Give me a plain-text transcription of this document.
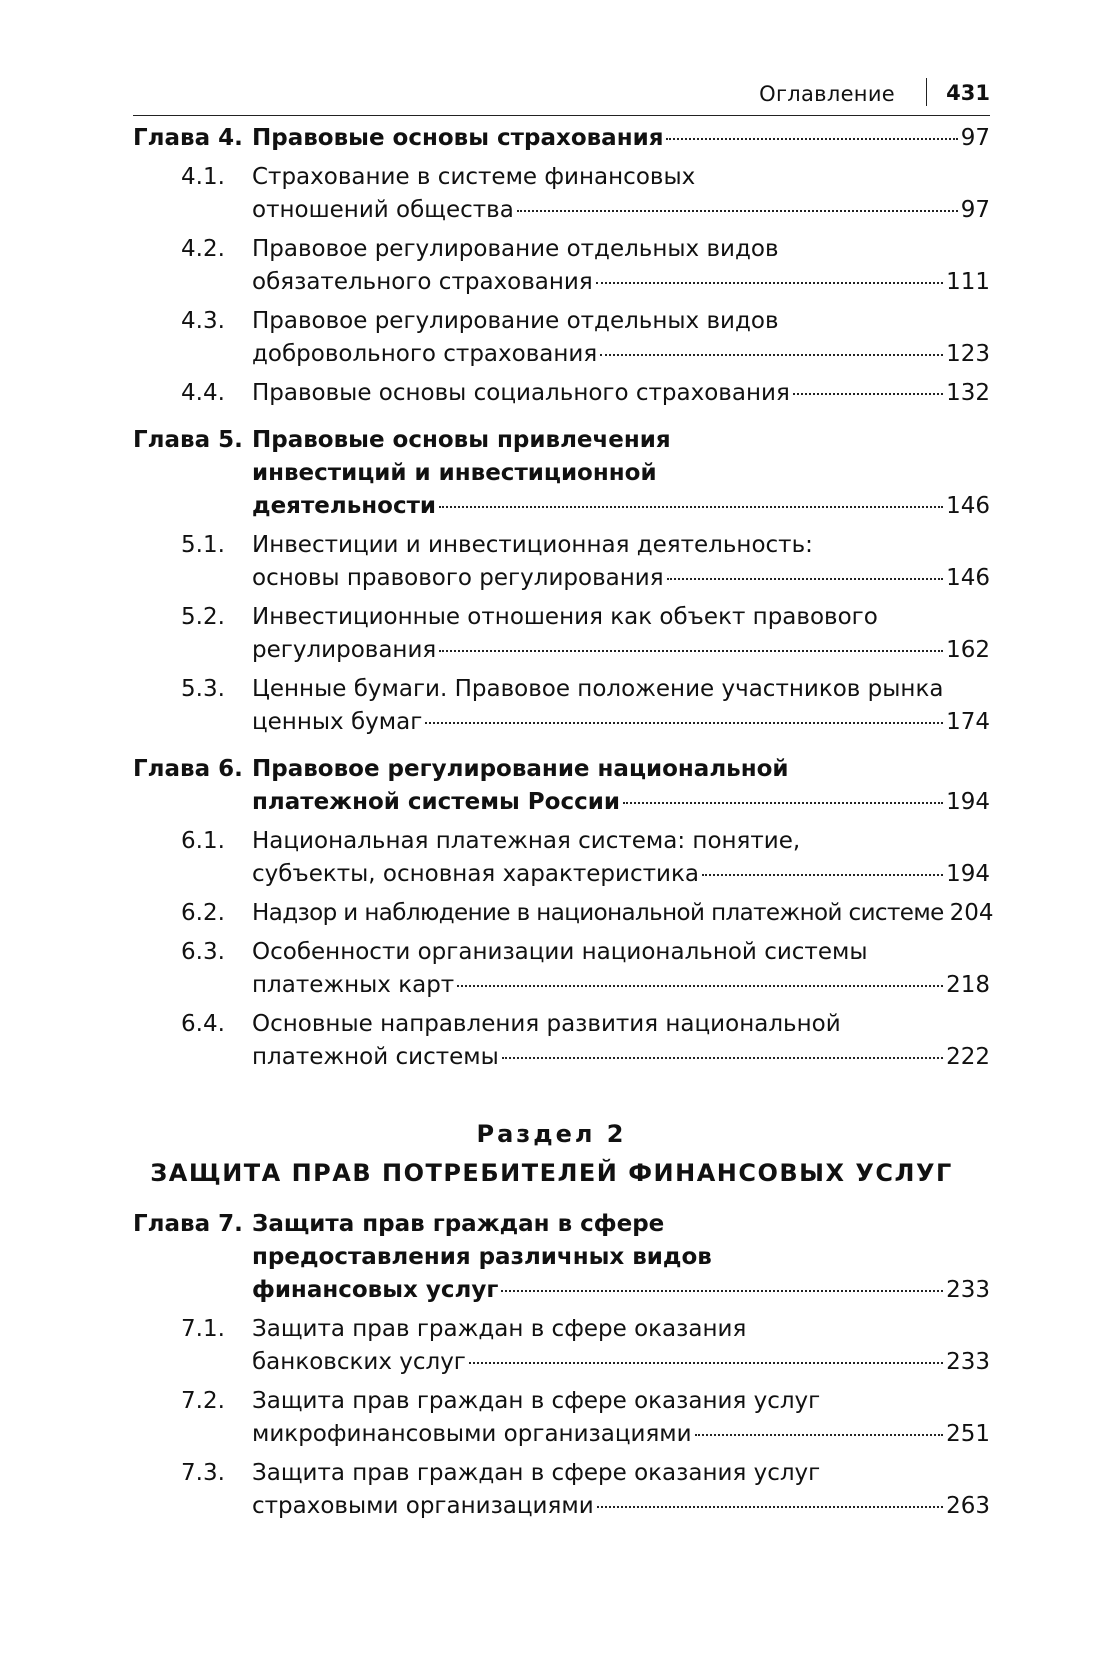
Оглавление 431
Глава 4. Правовые основы страхования	97
4.1. Страхование в системе финансовых
отношений общества	97
4.2. Правовое регулирование отдельных видов
обязательного страхования	111
4.3. Правовое регулирование отдельных видов
добровольного страхования	123
4.4. Правовые основы социального страхования	132
Глава 5. Правовые основы привлечения
инвестиций и инвестиционной
деятельности	146
5.1. Инвестиции и инвестиционная деятельность:
основы правового регулирования	146
5.2. Инвестиционные отношения как объект правового
регулирования	162
5.3. Ценные бумаги. Правовое положение участников рынка
ценных бумаг	174
Глава 6. Правовое регулирование национальной
платежной системы России	194
6.1. Национальная платежная система: понятие,
субъекты, основная характеристика	194
6.2. Надзор и наблюдение в национальной платежной системе 204
6.3. Особенности организации национальной системы
платежных карт	218
6.4. Основные направления развития национальной
платежной системы	222
Раздел 2
ЗАЩИТА ПРАВ ПОТРЕБИТЕЛЕЙ ФИНАНСОВЫХ УСЛУГ
Глава 7. Защита прав граждан в сфере
предоставления различных видов
финансовых услуг	233
7.1. Защита прав граждан в сфере оказания
банковских услуг	233
7.2. Защита прав граждан в сфере оказания услуг
микрофинансовыми организациями	251
7.3. Защита прав граждан в сфере оказания услуг
страховыми организациями	263
